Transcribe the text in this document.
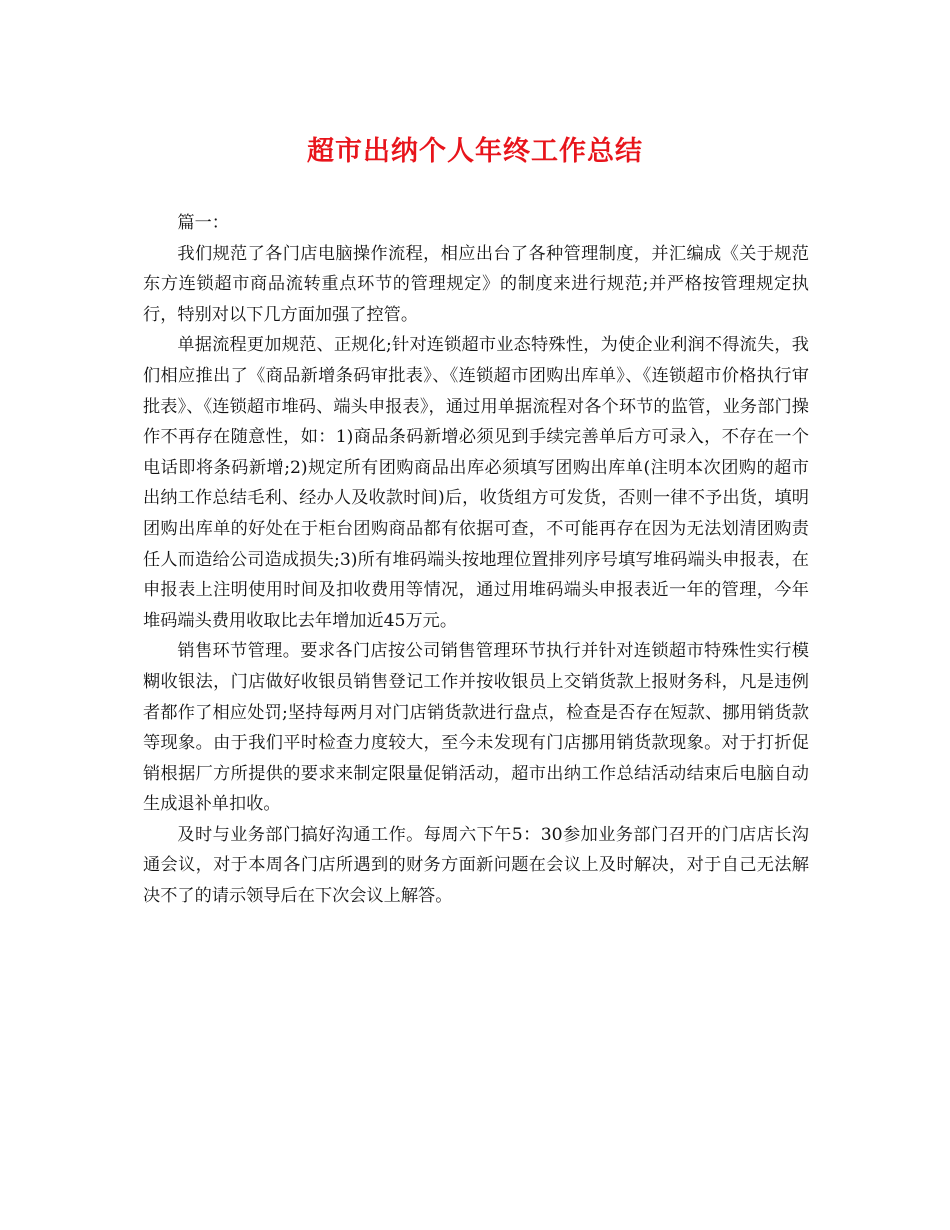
超市出纳个人年终工作总结

篇一：

我们规范了各门店电脑操作流程，相应出台了各种管理制度，并汇编成《关于规范东方连锁超市商品流转重点环节的管理规定》的制度来进行规范;并严格按管理规定执行，特别对以下几方面加强了控管。

单据流程更加规范、正规化;针对连锁超市业态特殊性，为使企业利润不得流失，我们相应推出了《商品新增条码审批表》、《连锁超市团购出库单》、《连锁超市价格执行审批表》、《连锁超市堆码、端头申报表》，通过用单据流程对各个环节的监管，业务部门操作不再存在随意性，如：1)商品条码新增必须见到手续完善单后方可录入，不存在一个电话即将条码新增;2)规定所有团购商品出库必须填写团购出库单(注明本次团购的超市出纳工作总结毛利、经办人及收款时间)后，收货组方可发货，否则一律不予出货，填明团购出库单的好处在于柜台团购商品都有依据可查，不可能再存在因为无法划清团购责任人而造给公司造成损失;3)所有堆码端头按地理位置排列序号填写堆码端头申报表，在申报表上注明使用时间及扣收费用等情况，通过用堆码端头申报表近一年的管理，今年堆码端头费用收取比去年增加近45万元。

销售环节管理。要求各门店按公司销售管理环节执行并针对连锁超市特殊性实行模糊收银法，门店做好收银员销售登记工作并按收银员上交销货款上报财务科，凡是违例者都作了相应处罚;坚持每两月对门店销货款进行盘点，检查是否存在短款、挪用销货款等现象。由于我们平时检查力度较大，至今未发现有门店挪用销货款现象。对于打折促销根据厂方所提供的要求来制定限量促销活动，超市出纳工作总结活动结束后电脑自动生成退补单扣收。

及时与业务部门搞好沟通工作。每周六下午5：30参加业务部门召开的门店店长沟通会议，对于本周各门店所遇到的财务方面新问题在会议上及时解决，对于自己无法解决不了的请示领导后在下次会议上解答。
